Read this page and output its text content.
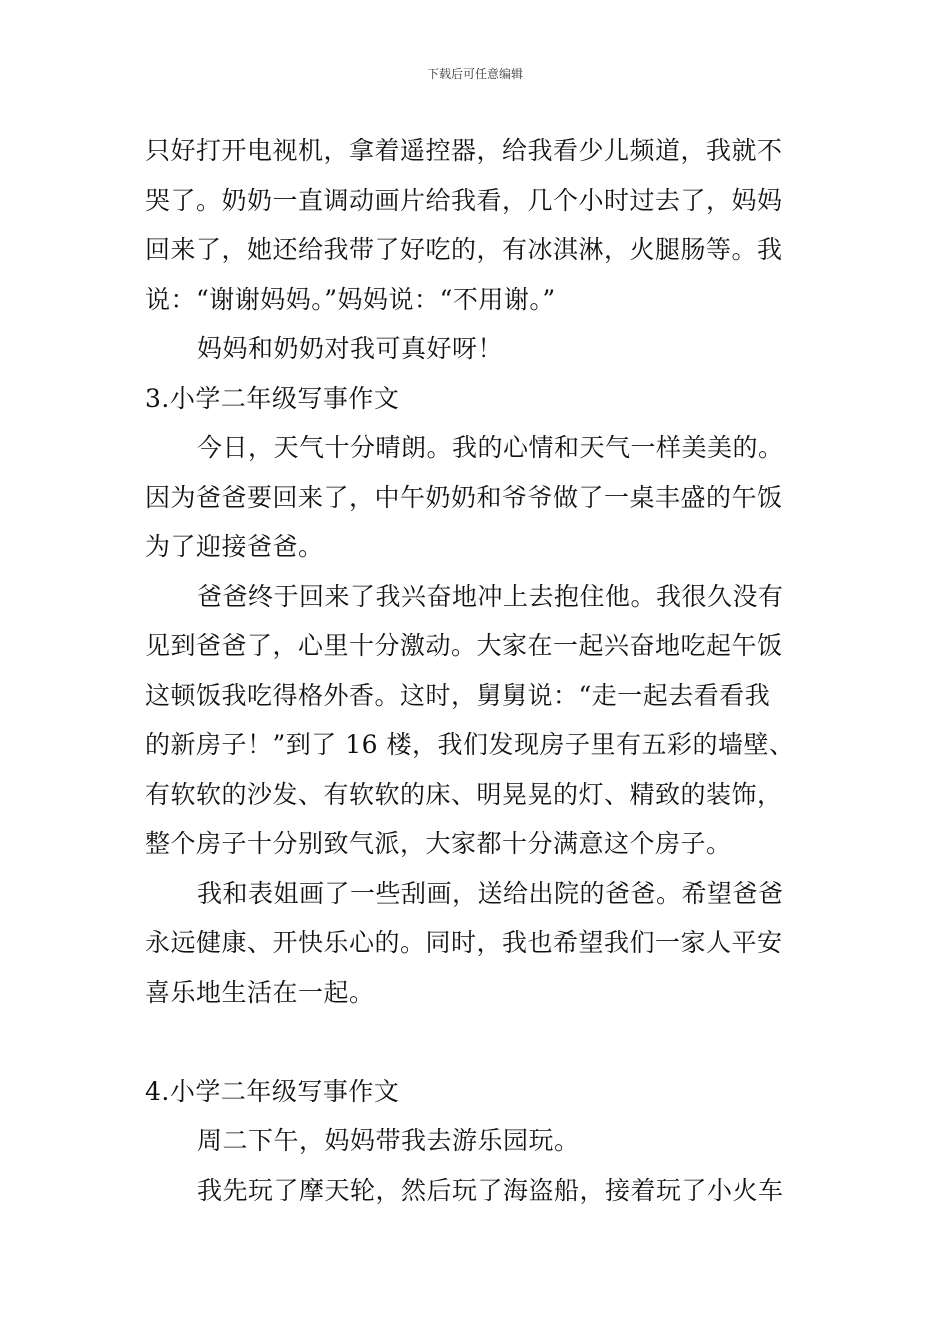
下载后可任意编辑
只好打开电视机，拿着遥控器，给我看少儿频道，我就不
哭了。奶奶一直调动画片给我看，几个小时过去了，妈妈
回来了，她还给我带了好吃的，有冰淇淋，火腿肠等。我
说：“谢谢妈妈。”妈妈说：“不用谢。”
妈妈和奶奶对我可真好呀！
3.小学二年级写事作文
今日，天气十分晴朗。我的心情和天气一样美美的。
因为爸爸要回来了，中午奶奶和爷爷做了一桌丰盛的午饭
为了迎接爸爸。
爸爸终于回来了我兴奋地冲上去抱住他。我很久没有
见到爸爸了，心里十分激动。大家在一起兴奋地吃起午饭
这顿饭我吃得格外香。这时，舅舅说：“走一起去看看我
的新房子！”到了 16 楼，我们发现房子里有五彩的墙壁、
有软软的沙发、有软软的床、明晃晃的灯、精致的装饰，
整个房子十分别致气派，大家都十分满意这个房子。
我和表姐画了一些刮画，送给出院的爸爸。希望爸爸
永远健康、开快乐心的。同时，我也希望我们一家人平安
喜乐地生活在一起。
4.小学二年级写事作文
周二下午，妈妈带我去游乐园玩。
我先玩了摩天轮，然后玩了海盗船，接着玩了小火车
